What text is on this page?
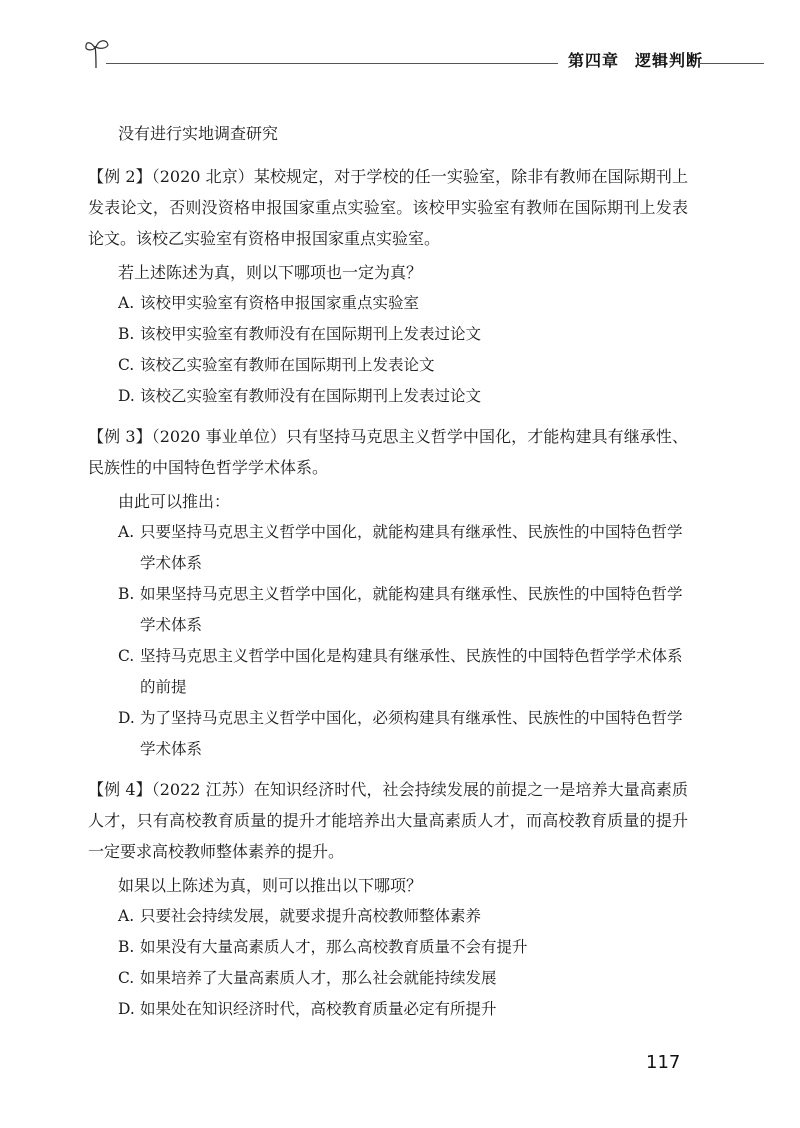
第四章 逻辑判断

没有进行实地调查研究

【例 2】（2020 北京）某校规定，对于学校的任一实验室，除非有教师在国际期刊上发表论文，否则没资格申报国家重点实验室。该校甲实验室有教师在国际期刊上发表论文。该校乙实验室有资格申报国家重点实验室。

若上述陈述为真，则以下哪项也一定为真？

A. 该校甲实验室有资格申报国家重点实验室

B. 该校甲实验室有教师没有在国际期刊上发表过论文

C. 该校乙实验室有教师在国际期刊上发表论文

D. 该校乙实验室有教师没有在国际期刊上发表过论文

【例 3】（2020 事业单位）只有坚持马克思主义哲学中国化，才能构建具有继承性、民族性的中国特色哲学学术体系。

由此可以推出：

A. 只要坚持马克思主义哲学中国化，就能构建具有继承性、民族性的中国特色哲学学术体系

B. 如果坚持马克思主义哲学中国化，就能构建具有继承性、民族性的中国特色哲学学术体系

C. 坚持马克思主义哲学中国化是构建具有继承性、民族性的中国特色哲学学术体系的前提

D. 为了坚持马克思主义哲学中国化，必须构建具有继承性、民族性的中国特色哲学学术体系

【例 4】（2022 江苏）在知识经济时代，社会持续发展的前提之一是培养大量高素质人才，只有高校教育质量的提升才能培养出大量高素质人才，而高校教育质量的提升一定要求高校教师整体素养的提升。

如果以上陈述为真，则可以推出以下哪项？

A. 只要社会持续发展，就要求提升高校教师整体素养

B. 如果没有大量高素质人才，那么高校教育质量不会有提升

C. 如果培养了大量高素质人才，那么社会就能持续发展

D. 如果处在知识经济时代，高校教育质量必定有所提升

117
